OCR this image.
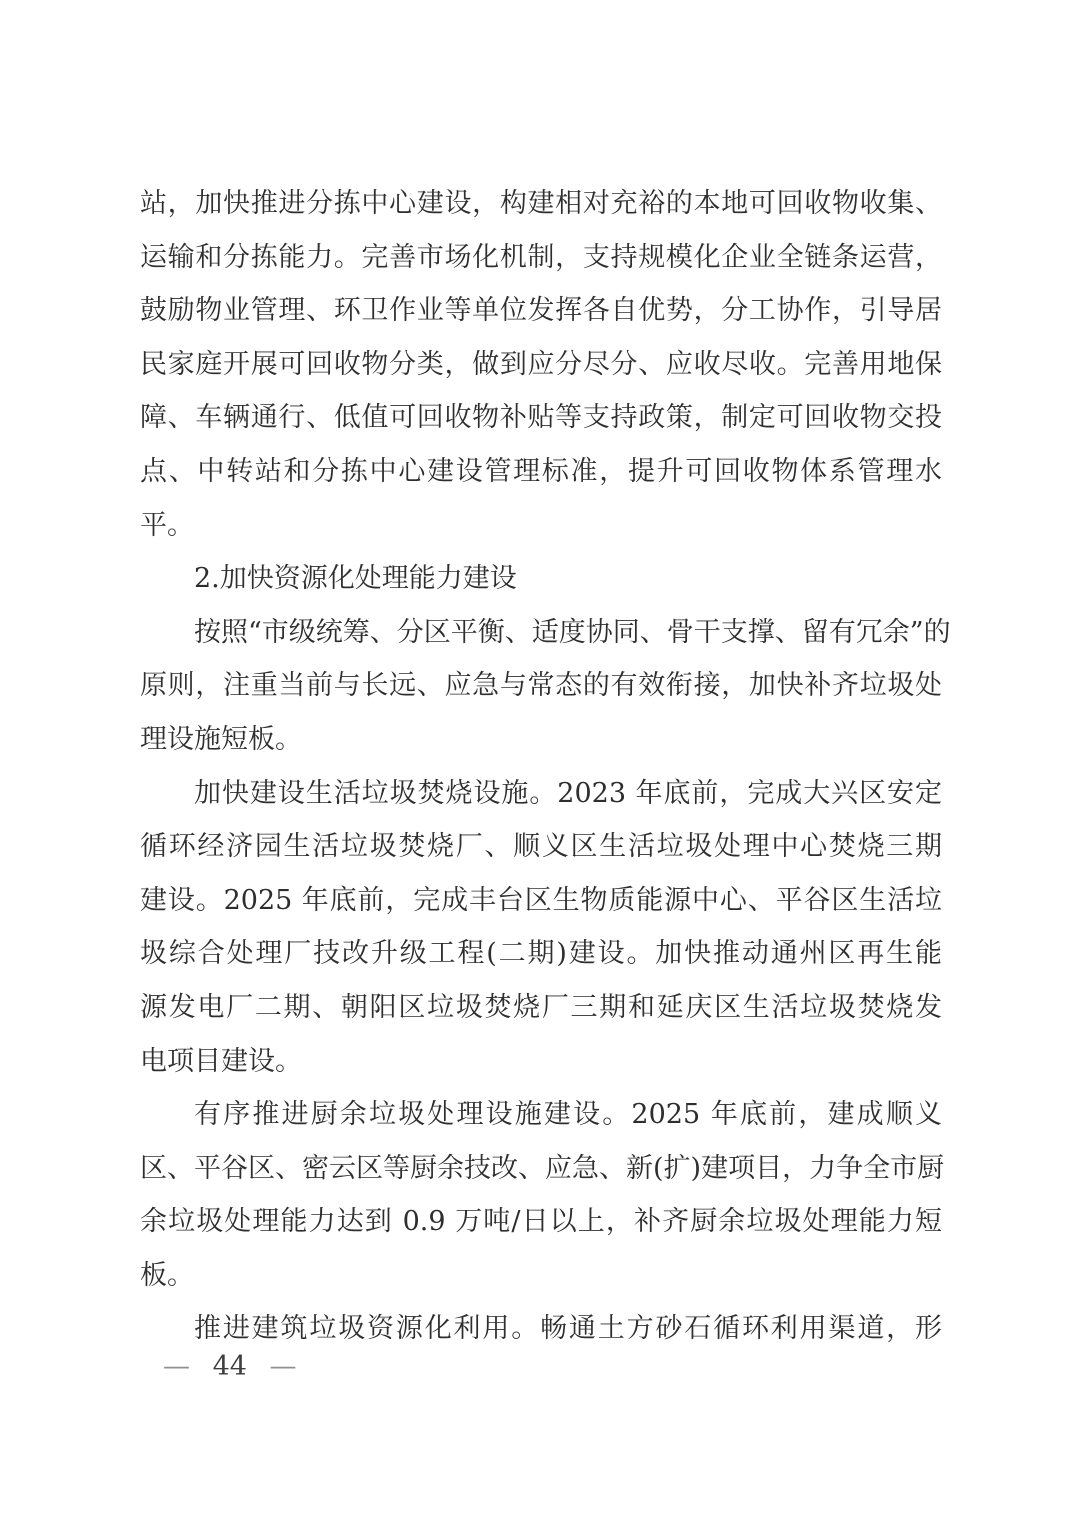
站，加快推进分拣中心建设，构建相对充裕的本地可回收物收集、
运输和分拣能力。完善市场化机制，支持规模化企业全链条运营，
鼓励物业管理、环卫作业等单位发挥各自优势，分工协作，引导居
民家庭开展可回收物分类，做到应分尽分、应收尽收。完善用地保
障、车辆通行、低值可回收物补贴等支持政策，制定可回收物交投
点、中转站和分拣中心建设管理标准，提升可回收物体系管理水
平。
2.加快资源化处理能力建设
按照“市级统筹、分区平衡、适度协同、骨干支撑、留有冗余”的
原则，注重当前与长远、应急与常态的有效衔接，加快补齐垃圾处
理设施短板。
加快建设生活垃圾焚烧设施。2023 年底前，完成大兴区安定
循环经济园生活垃圾焚烧厂、顺义区生活垃圾处理中心焚烧三期
建设。2025 年底前，完成丰台区生物质能源中心、平谷区生活垃
圾综合处理厂技改升级工程(二期)建设。加快推动通州区再生能
源发电厂二期、朝阳区垃圾焚烧厂三期和延庆区生活垃圾焚烧发
电项目建设。
有序推进厨余垃圾处理设施建设。2025 年底前，建成顺义
区、平谷区、密云区等厨余技改、应急、新(扩)建项目，力争全市厨
余垃圾处理能力达到 0.9 万吨/日以上，补齐厨余垃圾处理能力短
板。
推进建筑垃圾资源化利用。畅通土方砂石循环利用渠道，形
— 44 —
